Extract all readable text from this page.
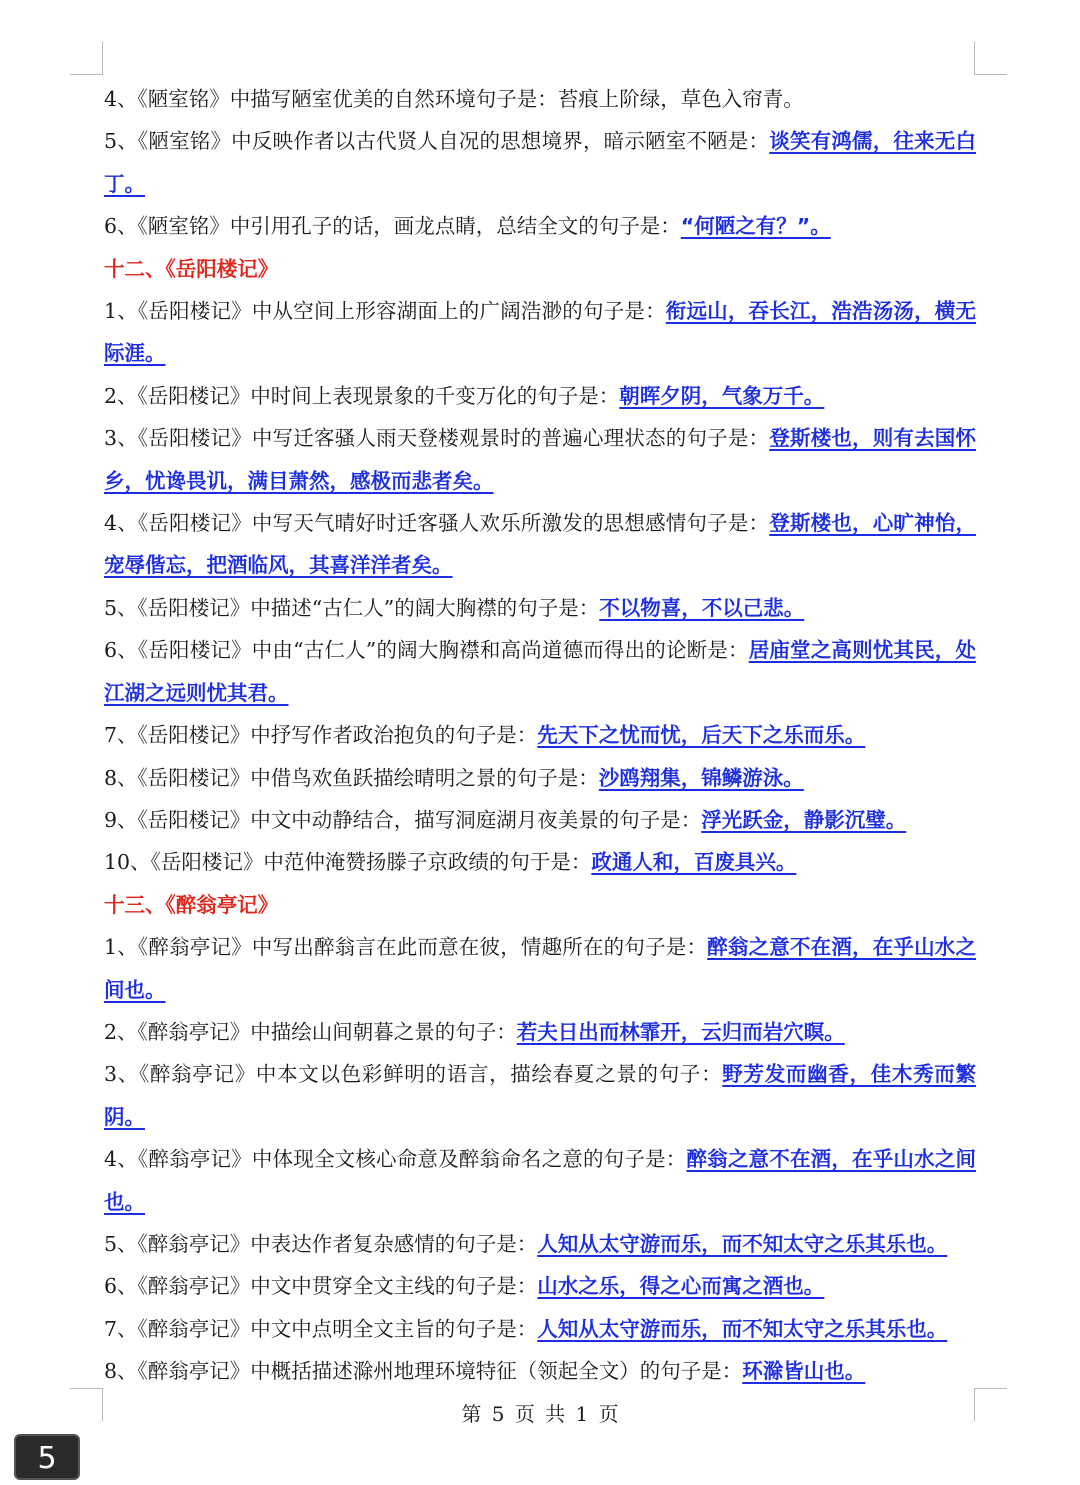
4、《陋室铭》中描写陋室优美的自然环境句子是：苔痕上阶绿，草色入帘青。

5、《陋室铭》中反映作者以古代贤人自况的思想境界，暗示陋室不陋是：谈笑有鸿儒，往来无白丁。

6、《陋室铭》中引用孔子的话，画龙点睛，总结全文的句子是：“何陋之有？”。

十二、《岳阳楼记》

1、《岳阳楼记》中从空间上形容湖面上的广阔浩渺的句子是：衔远山，吞长江，浩浩汤汤，横无际涯。

2、《岳阳楼记》中时间上表现景象的千变万化的句子是：朝晖夕阴，气象万千。

3、《岳阳楼记》中写迁客骚人雨天登楼观景时的普遍心理状态的句子是：登斯楼也，则有去国怀乡，忧谗畏讥，满目萧然，感极而悲者矣。

4、《岳阳楼记》中写天气晴好时迁客骚人欢乐所激发的思想感情句子是：登斯楼也，心旷神怡，宠辱偕忘，把酒临风，其喜洋洋者矣。

5、《岳阳楼记》中描述“古仁人”的阔大胸襟的句子是：不以物喜，不以己悲。

6、《岳阳楼记》中由“古仁人”的阔大胸襟和高尚道德而得出的论断是：居庙堂之高则忧其民，处江湖之远则忧其君。

7、《岳阳楼记》中抒写作者政治抱负的句子是：先天下之忧而忧，后天下之乐而乐。

8、《岳阳楼记》中借鸟欢鱼跃描绘晴明之景的句子是：沙鸥翔集，锦鳞游泳。

9、《岳阳楼记》中文中动静结合，描写洞庭湖月夜美景的句子是：浮光跃金，静影沉璧。

10、《岳阳楼记》中范仲淹赞扬滕子京政绩的句于是：政通人和，百废具兴。

十三、《醉翁亭记》

1、《醉翁亭记》中写出醉翁言在此而意在彼，情趣所在的句子是：醉翁之意不在酒，在乎山水之间也。

2、《醉翁亭记》中描绘山间朝暮之景的句子：若夫日出而林霏开，云归而岩穴暝。

3、《醉翁亭记》中本文以色彩鲜明的语言，描绘春夏之景的句子：野芳发而幽香，佳木秀而繁阴。

4、《醉翁亭记》中体现全文核心命意及醉翁命名之意的句子是：醉翁之意不在酒，在乎山水之间也。

5、《醉翁亭记》中表达作者复杂感情的句子是：人知从太守游而乐，而不知太守之乐其乐也。

6、《醉翁亭记》中文中贯穿全文主线的句子是：山水之乐，得之心而寓之酒也。

7、《醉翁亭记》中文中点明全文主旨的句子是：人知从太守游而乐，而不知太守之乐其乐也。

8、《醉翁亭记》中概括描述滁州地理环境特征（领起全文）的句子是：环滁皆山也。

第 5 页 共 1 页
5
